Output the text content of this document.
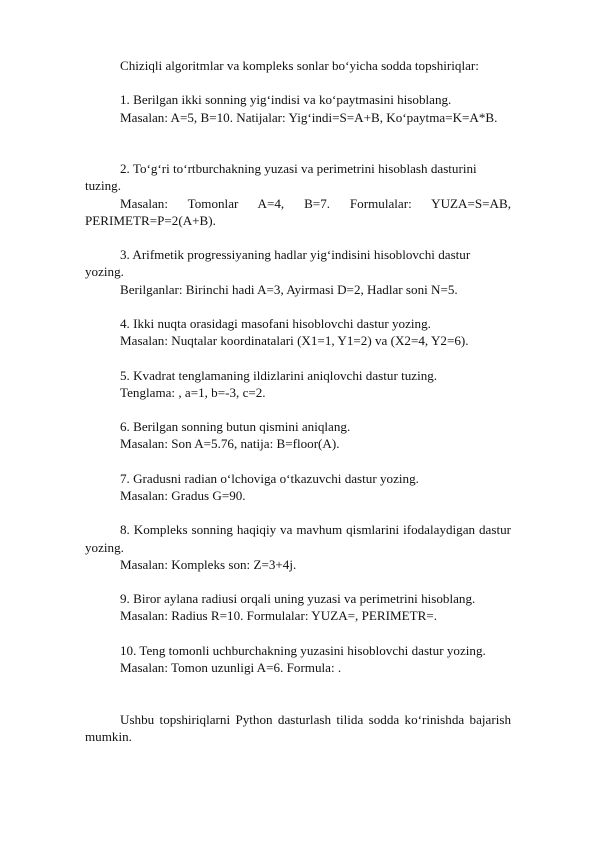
Chiziqli algoritmlar va kompleks sonlar bo‘yicha sodda topshiriqlar:

1. Berilgan ikki sonning yig‘indisi va ko‘paytmasini hisoblang.

Masalan: A=5, B=10. Natijalar: Yig‘indi=S=A+B, Ko‘paytma=K=A*B.

2. To‘g‘ri to‘rtburchakning yuzasi va perimetrini hisoblash dasturini tuzing.

Masalan: Tomonlar A=4, B=7. Formulalar: YUZA=S=AB, PERIMETR=P=2(A+B).

3. Arifmetik progressiyaning hadlar yig‘indisini hisoblovchi dastur yozing.

Berilganlar: Birinchi hadi A=3, Ayirmasi D=2, Hadlar soni N=5.

4. Ikki nuqta orasidagi masofani hisoblovchi dastur yozing.

Masalan: Nuqtalar koordinatalari (X1=1, Y1=2) va (X2=4, Y2=6).

5. Kvadrat tenglamaning ildizlarini aniqlovchi dastur tuzing.

Tenglama: , a=1, b=-3, c=2.

6. Berilgan sonning butun qismini aniqlang.

Masalan: Son A=5.76, natija: B=floor(A).

7. Gradusni radian o‘lchoviga o‘tkazuvchi dastur yozing.

Masalan: Gradus G=90.

8. Kompleks sonning haqiqiy va mavhum qismlarini ifodalaydigan dastur yozing.

Masalan: Kompleks son: Z=3+4j.

9. Biror aylana radiusi orqali uning yuzasi va perimetrini hisoblang.

Masalan: Radius R=10. Formulalar: YUZA=, PERIMETR=.

10. Teng tomonli uchburchakning yuzasini hisoblovchi dastur yozing.

Masalan: Tomon uzunligi A=6. Formula: .

Ushbu topshiriqlarni Python dasturlash tilida sodda ko‘rinishda bajarish mumkin.
